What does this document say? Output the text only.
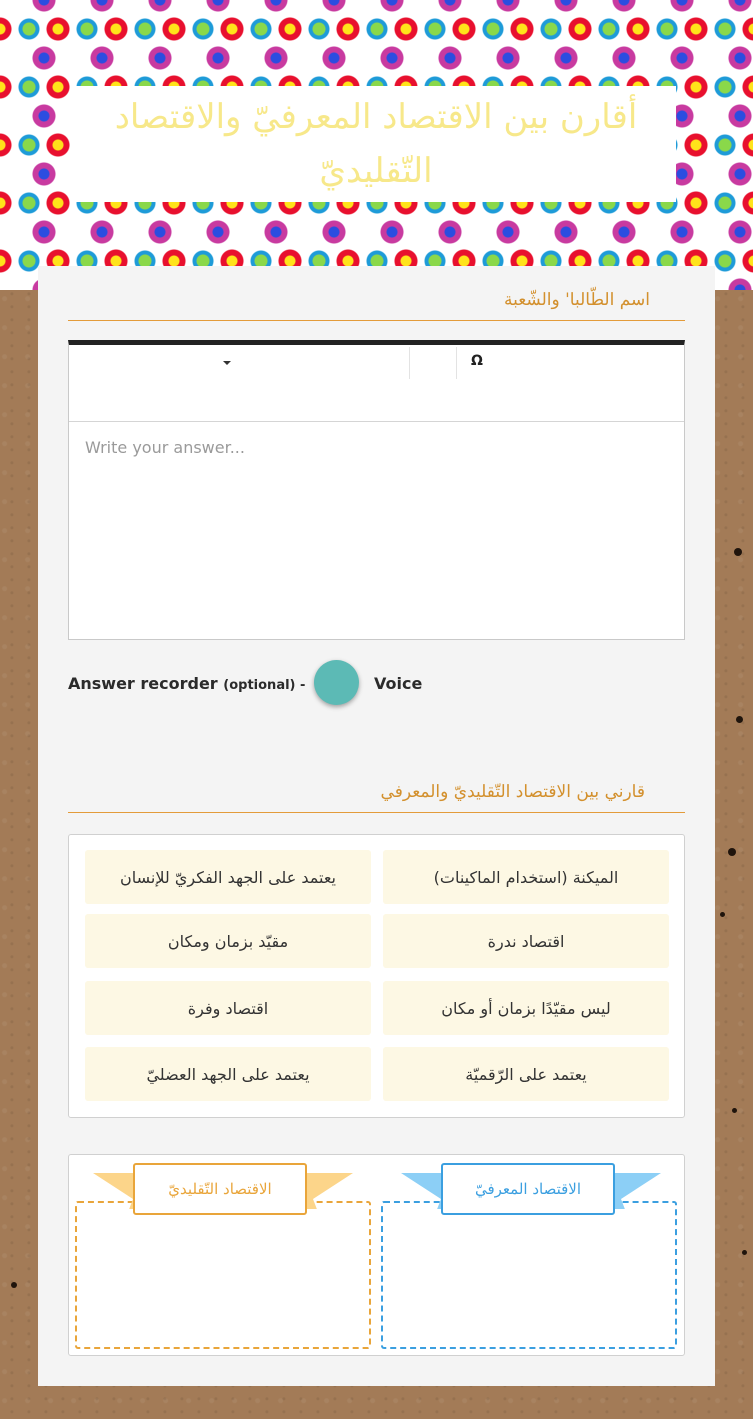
أقارن بين الاقتصاد المعرفيّ والاقتصاد التّقليديّ
اسم الطّالبا' والشّعبة
Ω
Write your answer...
Answer recorder (optional) -	Voice
قارني بين الاقتصاد التّقليديّ والمعرفي
الميكنة (استخدام الماكينات)
يعتمد على الجهد الفكريّ للإنسان
اقتصاد ندرة
مقيّد بزمان ومكان
ليس مقيّدًا بزمان أو مكان
اقتصاد وفرة
يعتمد على الرّقميّة
يعتمد على الجهد العضليّ
الاقتصاد المعرفيّ
الاقتصاد التّقليديّ
